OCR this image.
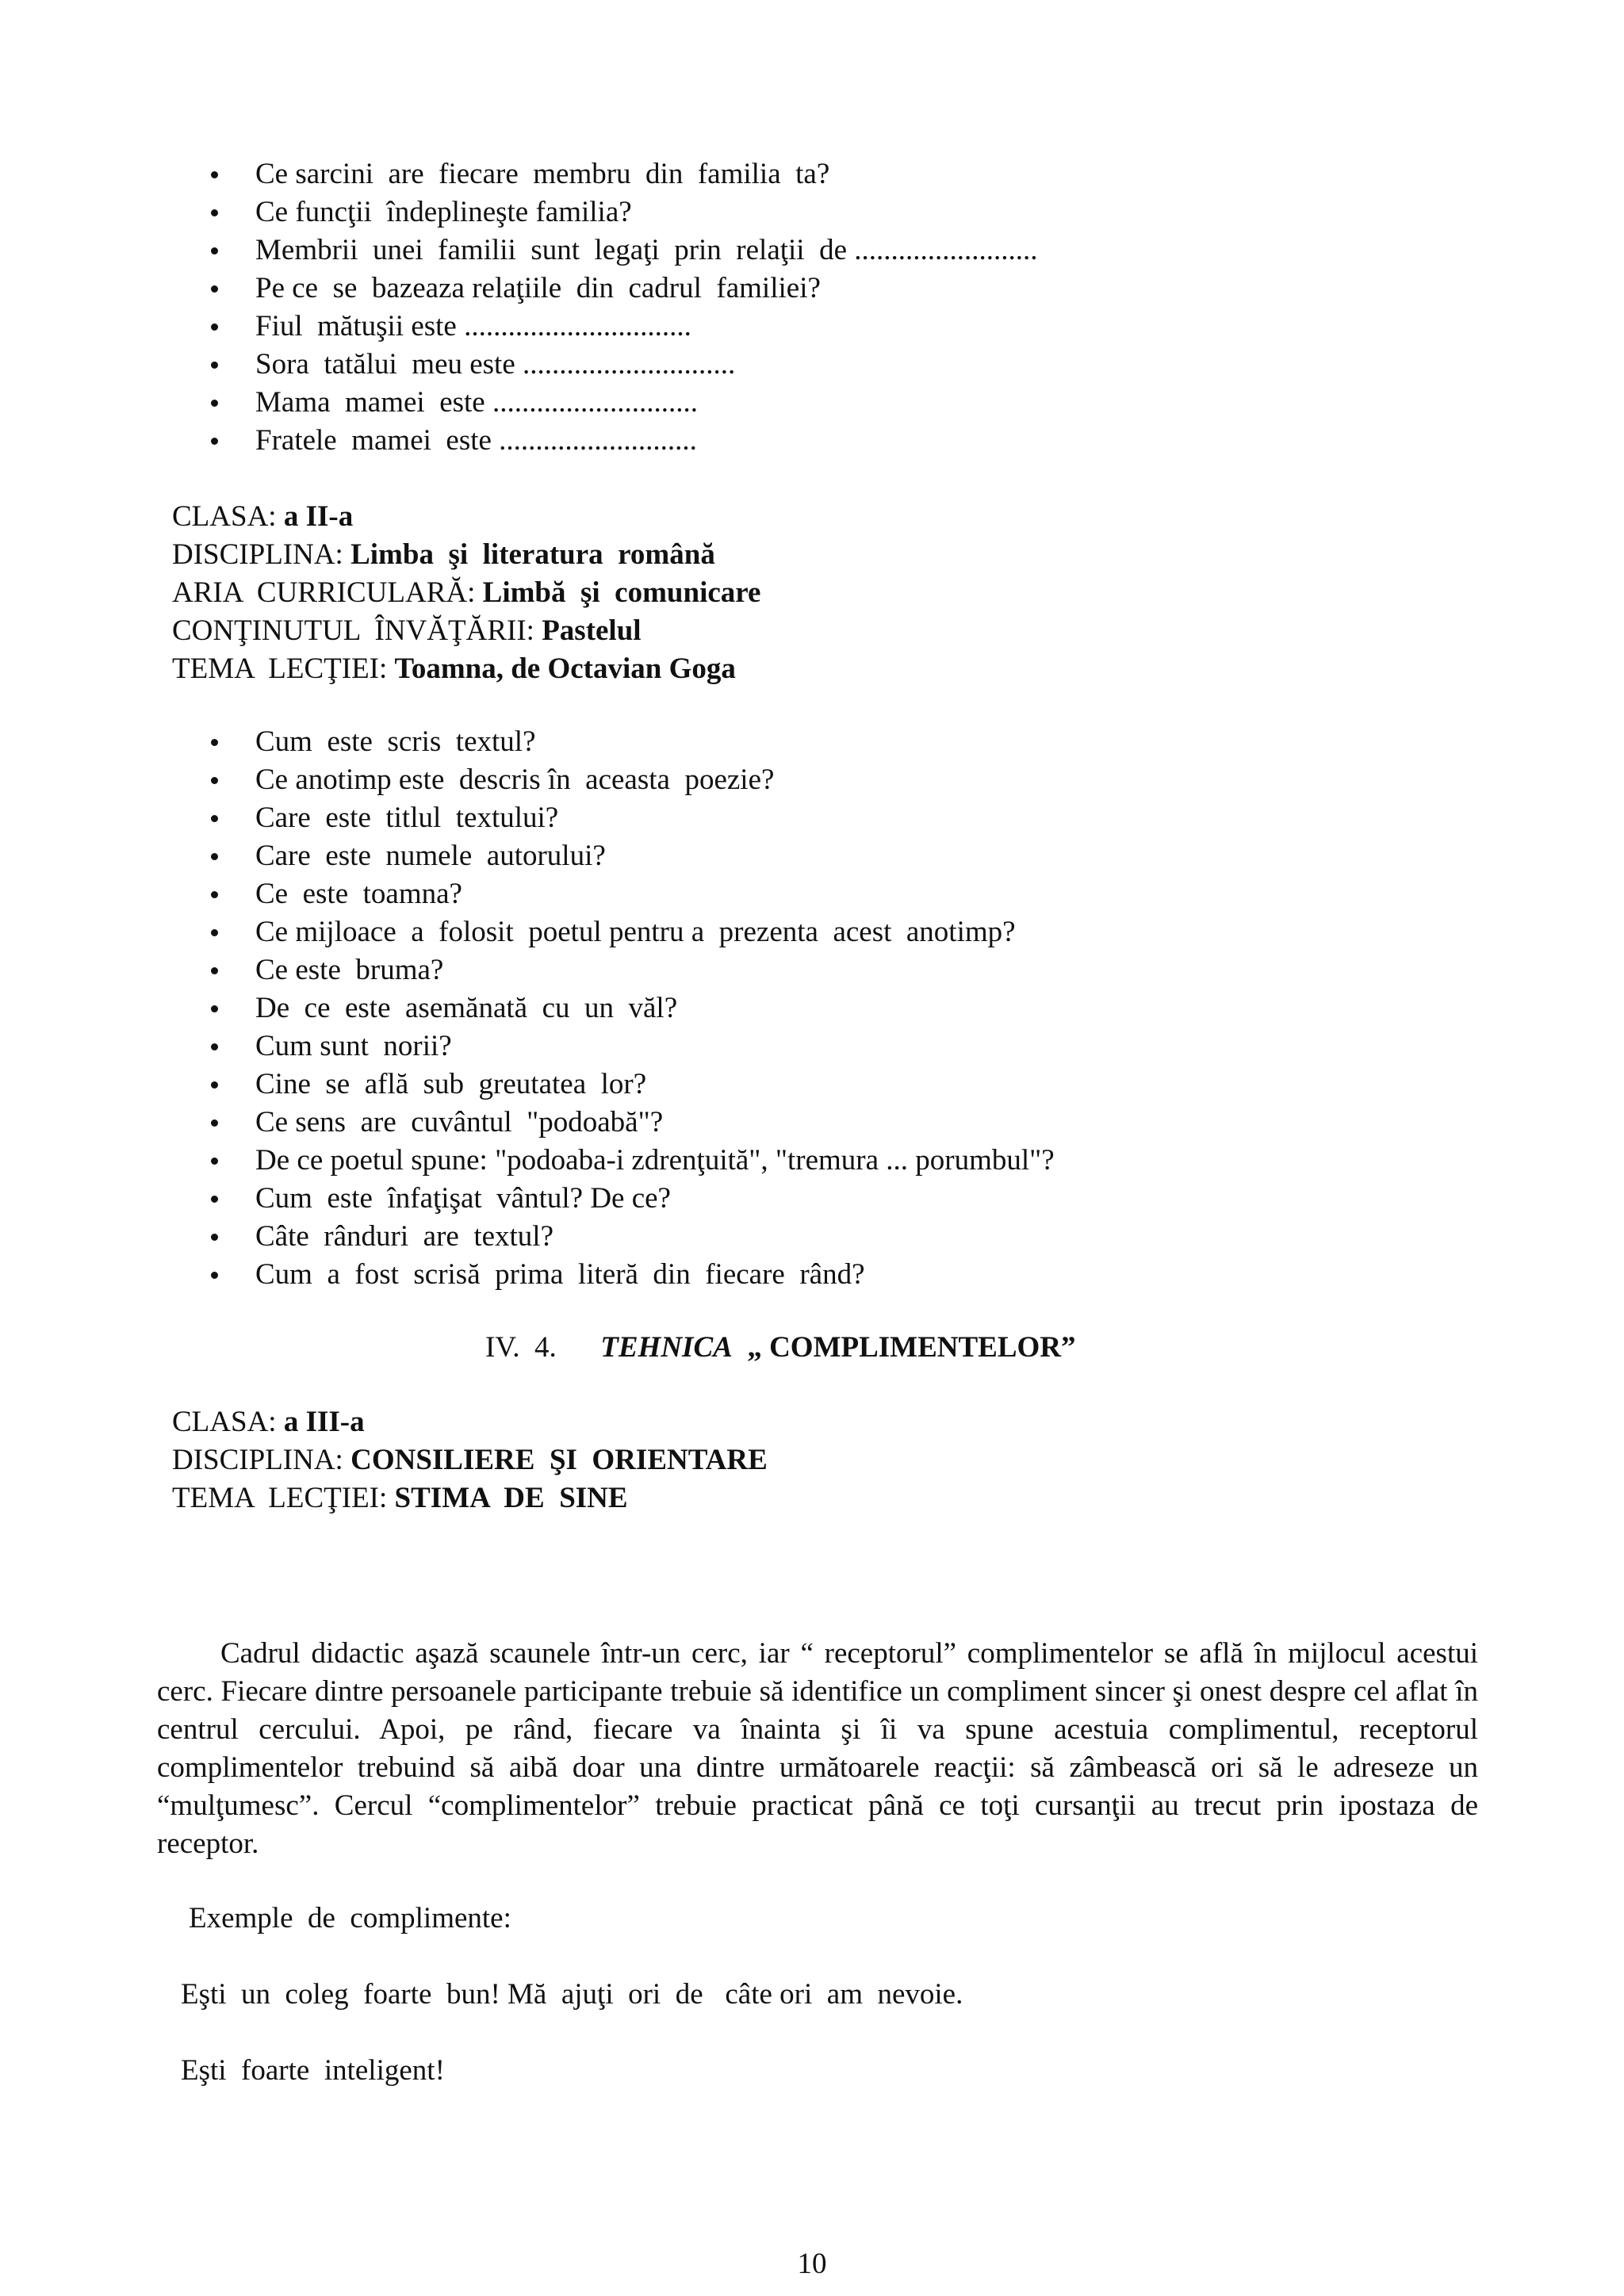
Ce sarcini  are  fiecare  membru  din  familia  ta?
Ce funcţii  îndeplineşte familia?
Membrii  unei  familii  sunt  legaţi  prin  relaţii  de .........................
Pe ce  se  bazeaza relaţiile  din  cadrul  familiei?
Fiul  mătuşii este ...............................
Sora  tatălui  meu este .............................
Mama  mamei  este ............................
Fratele  mamei  este ...........................
CLASA: a II-a
DISCIPLINA: Limba  şi  literatura  română
ARIA  CURRICULARĂ: Limbă  şi  comunicare
CONŢINUTUL  ÎNVĂŢĂRII: Pastelul
TEMA  LECŢIEI: Toamna, de Octavian Goga
Cum  este  scris  textul?
Ce anotimp este  descris în  aceasta  poezie?
Care  este  titlul  textului?
Care  este  numele  autorului?
Ce  este  toamna?
Ce mijloace  a  folosit  poetul pentru a  prezenta  acest  anotimp?
Ce este  bruma?
De  ce  este  asemănată  cu  un  văl?
Cum sunt  norii?
Cine  se  află  sub  greutatea  lor?
Ce sens  are  cuvântul  "podoabă"?
De ce poetul spune: "podoaba-i zdrenţuită", "tremura ... porumbul"?
Cum  este  înfaţişat  vântul? De ce?
Câte  rânduri  are  textul?
Cum  a  fost  scrisă  prima  literă  din  fiecare  rând?
IV.  4. TEHNICA „ COMPLIMENTELOR”
CLASA: a III-a
DISCIPLINA: CONSILIERE  ŞI  ORIENTARE
TEMA  LECŢIEI: STIMA  DE  SINE

Cadrul didactic aşază scaunele într-un cerc, iar “ receptorul” complimentelor se află în mijlocul acestui cerc. Fiecare dintre persoanele participante trebuie să identifice un compliment sincer şi onest despre cel aflat în centrul cercului. Apoi, pe rând, fiecare va înainta şi îi va spune acestuia complimentul, receptorul complimentelor trebuind să aibă doar una dintre următoarele reacţii: să zâmbească ori să le adreseze un “mulţumesc”. Cercul “complimentelor” trebuie practicat până ce toţi cursanţii au trecut prin ipostaza de receptor.

Exemple  de  complimente:
Eşti  un  coleg  foarte  bun! Mă  ajuţi  ori  de   câte ori  am  nevoie.
Eşti  foarte  inteligent!
10
